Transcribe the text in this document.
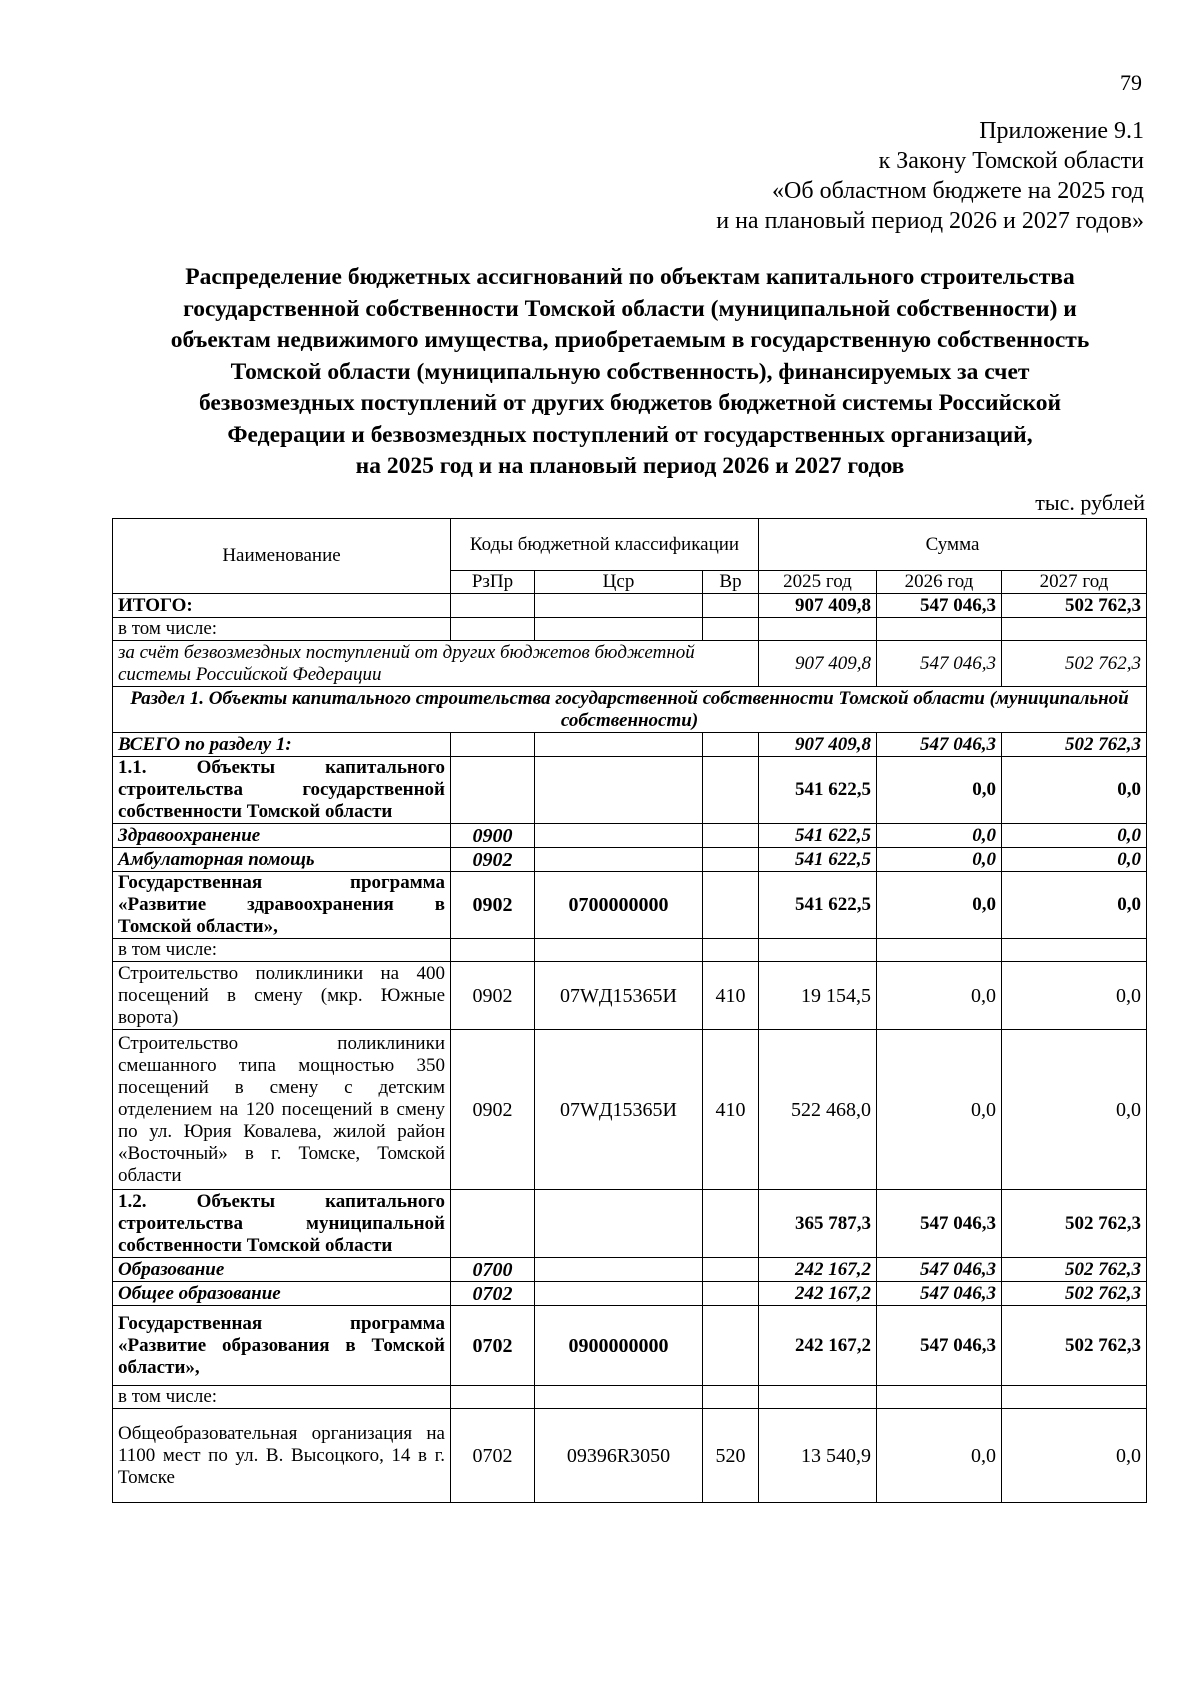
79
Приложение 9.1
к Закону Томской области
«Об областном бюджете на 2025 год
и на плановый период 2026 и 2027 годов»
Распределение бюджетных ассигнований по объектам капитального строительства
государственной собственности Томской области (муниципальной собственности) и
объектам недвижимого имущества, приобретаемым в государственную собственность
Томской области (муниципальную собственность), финансируемых за счет
безвозмездных поступлений от других бюджетов бюджетной системы Российской
Федерации и безвозмездных поступлений от государственных организаций,
на 2025 год и на плановый период 2026 и 2027 годов
тыс. рублей
Наименование	Коды бюджетной классификации			Сумма		
	РзПр	Цср	Вр	2025 год	2026 год	2027 год
ИТОГО:				907 409,8	547 046,3	502 762,3
в том числе:						
за счёт безвозмездных поступлений от других бюджетов бюджетной системы Российской Федерации				907 409,8	547 046,3	502 762,3
Раздел 1. Объекты капитального строительства государственной собственности Томской области (муниципальной собственности)						
ВСЕГО по разделу 1:				907 409,8	547 046,3	502 762,3
1.1. Объекты капитального строительства государственной собственности Томской области				541 622,5	0,0	0,0
Здравоохранение	0900			541 622,5	0,0	0,0
Амбулаторная помощь	0902			541 622,5	0,0	0,0
Государственная программа «Развитие здравоохранения в Томской области»,	0902	0700000000		541 622,5	0,0	0,0
в том числе:						
Строительство поликлиники на 400 посещений в смену (мкр. Южные ворота)	0902	07WД15365И	410	19 154,5	0,0	0,0
Строительство поликлиники смешанного типа мощностью 350 посещений в смену с детским отделением на 120 посещений в смену по ул. Юрия Ковалева, жилой район «Восточный» в г. Томске, Томской области	0902	07WД15365И	410	522 468,0	0,0	0,0
1.2. Объекты капитального строительства муниципальной собственности Томской области				365 787,3	547 046,3	502 762,3
Образование	0700			242 167,2	547 046,3	502 762,3
Общее образование	0702			242 167,2	547 046,3	502 762,3
Государственная программа «Развитие образования в Томской области»,	0702	0900000000		242 167,2	547 046,3	502 762,3
в том числе:						
Общеобразовательная организация на 1100 мест по ул. В. Высоцкого, 14 в г. Томске	0702	09396R3050	520	13 540,9	0,0	0,0
